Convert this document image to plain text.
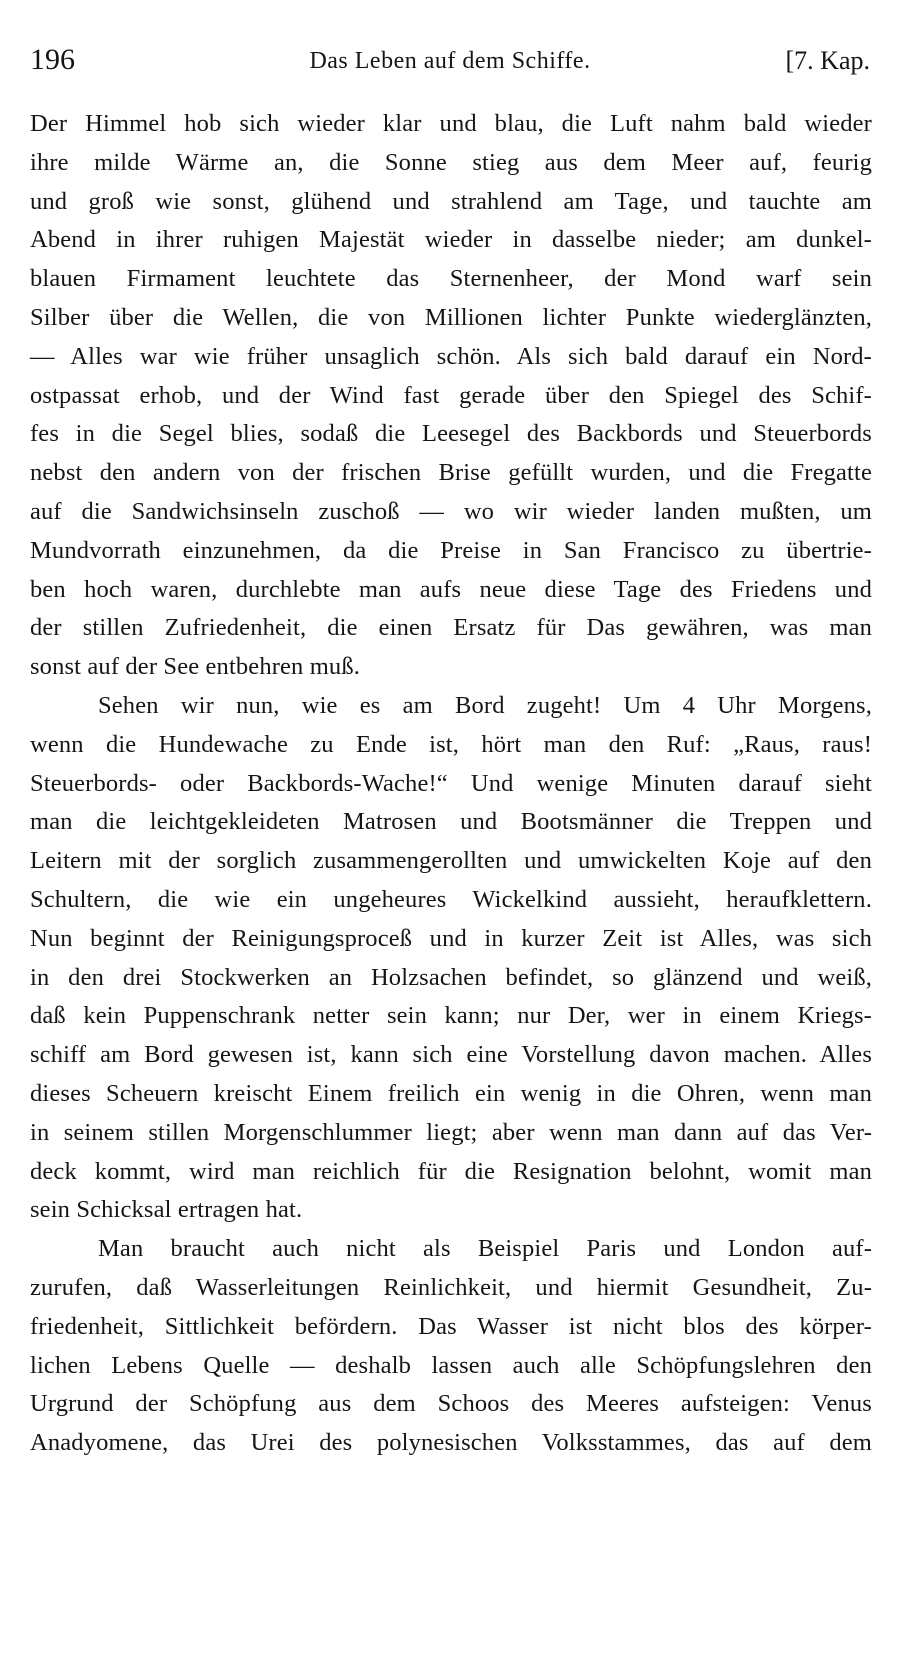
196	Das Leben auf dem Schiffe.	[7. Kap.
Der Himmel hob sich wieder klar und blau, die Luft nahm bald wieder
ihre milde Wärme an, die Sonne stieg aus dem Meer auf, feurig
und groß wie sonst, glühend und strahlend am Tage, und tauchte am
Abend in ihrer ruhigen Majestät wieder in dasselbe nieder; am dunkel-
blauen Firmament leuchtete das Sternenheer, der Mond warf sein
Silber über die Wellen, die von Millionen lichter Punkte wiederglänzten,
— Alles war wie früher unsaglich schön. Als sich bald darauf ein Nord-
ostpassat erhob, und der Wind fast gerade über den Spiegel des Schif-
fes in die Segel blies, sodaß die Leesegel des Backbords und Steuerbords
nebst den andern von der frischen Brise gefüllt wurden, und die Fregatte
auf die Sandwichsinseln zuschoß — wo wir wieder landen mußten, um
Mundvorrath einzunehmen, da die Preise in San Francisco zu übertrie-
ben hoch waren, durchlebte man aufs neue diese Tage des Friedens und
der stillen Zufriedenheit, die einen Ersatz für Das gewähren, was man
sonst auf der See entbehren muß.
Sehen wir nun, wie es am Bord zugeht! Um 4 Uhr Morgens,
wenn die Hundewache zu Ende ist, hört man den Ruf: „Raus, raus!
Steuerbords- oder Backbords-Wache!“ Und wenige Minuten darauf sieht
man die leichtgekleideten Matrosen und Bootsmänner die Treppen und
Leitern mit der sorglich zusammengerollten und umwickelten Koje auf den
Schultern, die wie ein ungeheures Wickelkind aussieht, heraufklettern.
Nun beginnt der Reinigungsproceß und in kurzer Zeit ist Alles, was sich
in den drei Stockwerken an Holzsachen befindet, so glänzend und weiß,
daß kein Puppenschrank netter sein kann; nur Der, wer in einem Kriegs-
schiff am Bord gewesen ist, kann sich eine Vorstellung davon machen. Alles
dieses Scheuern kreischt Einem freilich ein wenig in die Ohren, wenn man
in seinem stillen Morgenschlummer liegt; aber wenn man dann auf das Ver-
deck kommt, wird man reichlich für die Resignation belohnt, womit man
sein Schicksal ertragen hat.
Man braucht auch nicht als Beispiel Paris und London auf-
zurufen, daß Wasserleitungen Reinlichkeit, und hiermit Gesundheit, Zu-
friedenheit, Sittlichkeit befördern. Das Wasser ist nicht blos des körper-
lichen Lebens Quelle — deshalb lassen auch alle Schöpfungslehren den
Urgrund der Schöpfung aus dem Schoos des Meeres aufsteigen: Venus
Anadyomene, das Urei des polynesischen Volksstammes, das auf dem
